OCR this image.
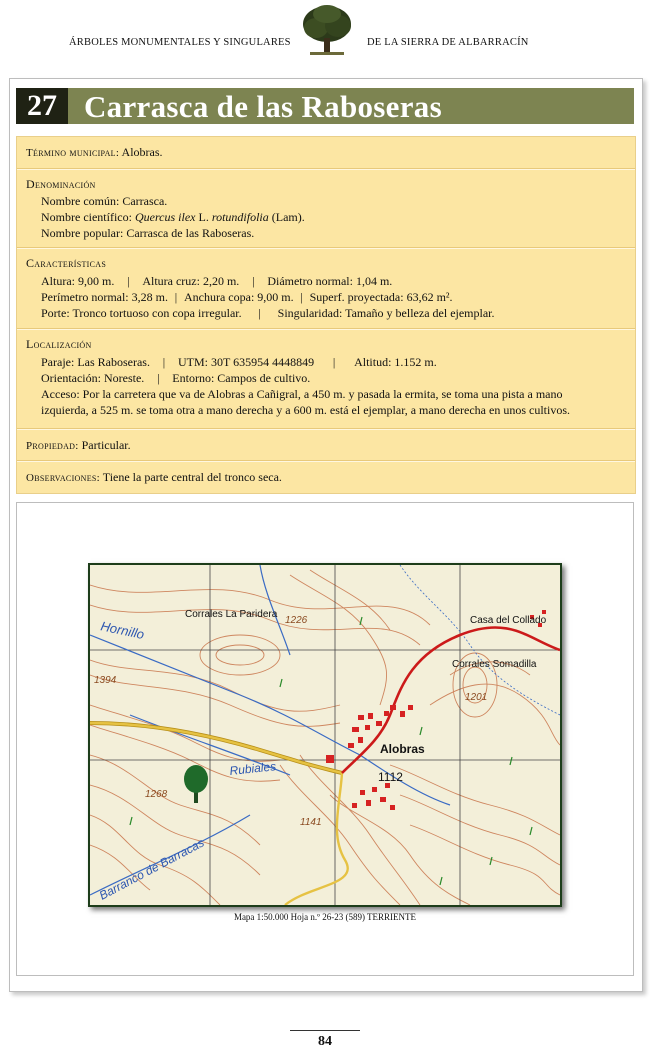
ÁRBOLES MONUMENTALES Y SINGULARES	DE LA SIERRA DE ALBARRACÍN
27 Carrasca de las Raboseras
Término municipal: Alobras.
Denominación
Nombre común: Carrasca.
Nombre científico: Quercus ilex L. rotundifolia (Lam).
Nombre popular: Carrasca de las Raboseras.
Características
Altura: 9,00 m. | Altura cruz: 2,20 m. | Diámetro normal: 1,04 m.
Perímetro normal: 3,28 m. | Anchura copa: 9,00 m. | Superf. proyectada: 63,62 m².
Porte: Tronco tortuoso con copa irregular. | Singularidad: Tamaño y belleza del ejemplar.
Localización
Paraje: Las Raboseras. | UTM: 30T 635954 4448849 | Altitud: 1.152 m.
Orientación: Noreste. | Entorno: Campos de cultivo.
Acceso: Por la carretera que va de Alobras a Cañigral, a 450 m. y pasada la ermita, se toma una pista a mano
izquierda, a 525 m. se toma otra a mano derecha y a 600 m. está el ejemplar, a mano derecha en unos cultivos.
Propiedad: Particular.
Observaciones: Tiene la parte central del tronco seca.
Corrales La Paridera
Casa del Collado
Corrales Somadilla
Alobras
Hornillo
Rubiales
Barranco de Barracas
1226
1394
1201
1112
1268
1141
Mapa 1:50.000 Hoja n.º 26-23 (589) TERRIENTE
84
